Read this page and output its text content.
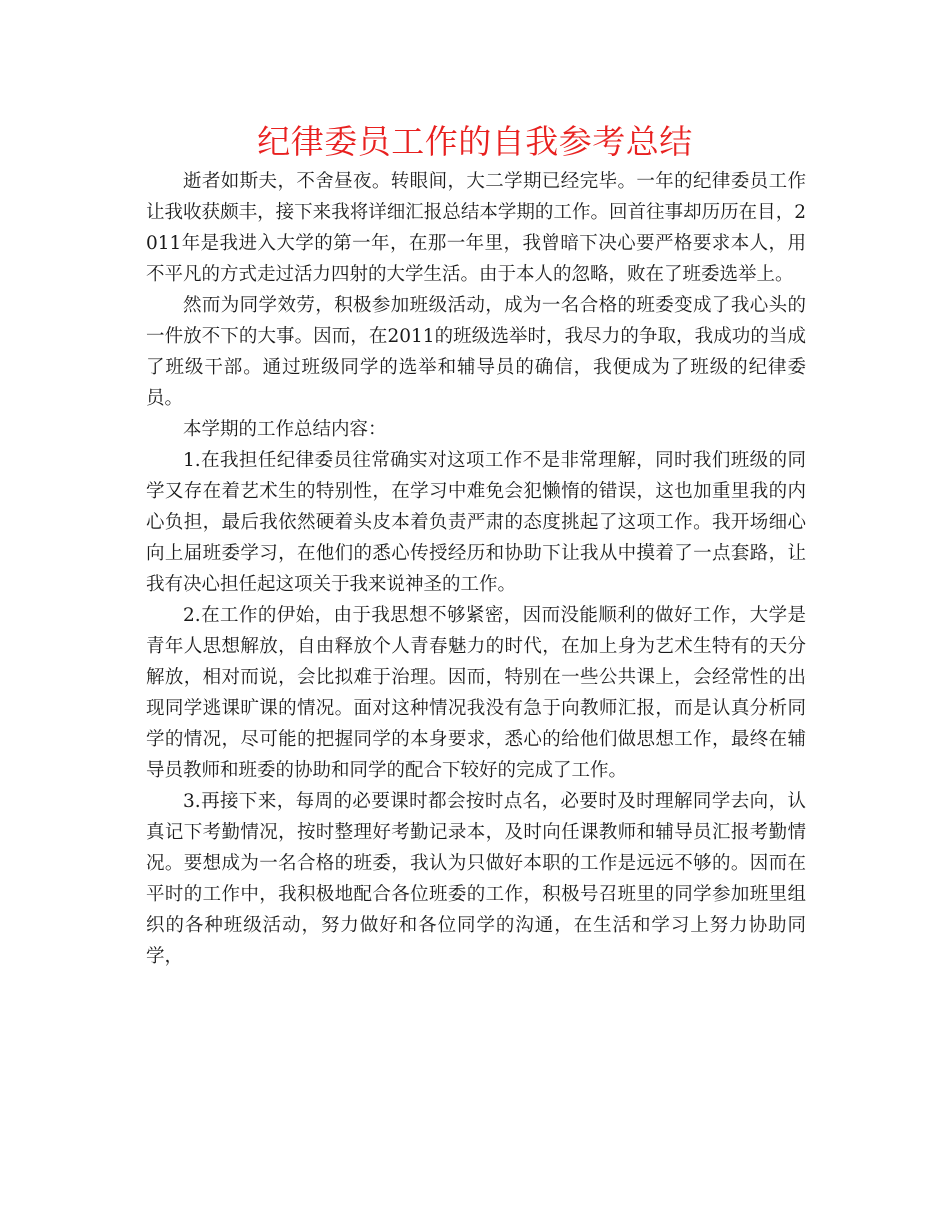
纪律委员工作的自我参考总结

逝者如斯夫，不舍昼夜。转眼间，大二学期已经完毕。一年的纪律委员工作让我收获颇丰，接下来我将详细汇报总结本学期的工作。回首往事却历历在目，2011年是我进入大学的第一年，在那一年里，我曾暗下决心要严格要求本人，用不平凡的方式走过活力四射的大学生活。由于本人的忽略，败在了班委选举上。

然而为同学效劳，积极参加班级活动，成为一名合格的班委变成了我心头的一件放不下的大事。因而，在2011的班级选举时，我尽力的争取，我成功的当成了班级干部。通过班级同学的选举和辅导员的确信，我便成为了班级的纪律委员。

本学期的工作总结内容：

1.在我担任纪律委员往常确实对这项工作不是非常理解，同时我们班级的同学又存在着艺术生的特别性，在学习中难免会犯懒惰的错误，这也加重里我的内心负担，最后我依然硬着头皮本着负责严肃的态度挑起了这项工作。我开场细心向上届班委学习，在他们的悉心传授经历和协助下让我从中摸着了一点套路，让我有决心担任起这项关于我来说神圣的工作。

2.在工作的伊始，由于我思想不够紧密，因而没能顺利的做好工作，大学是青年人思想解放，自由释放个人青春魅力的时代，在加上身为艺术生特有的天分解放，相对而说，会比拟难于治理。因而，特别在一些公共课上，会经常性的出现同学逃课旷课的情况。面对这种情况我没有急于向教师汇报，而是认真分析同学的情况，尽可能的把握同学的本身要求，悉心的给他们做思想工作，最终在辅导员教师和班委的协助和同学的配合下较好的完成了工作。

3.再接下来，每周的必要课时都会按时点名，必要时及时理解同学去向，认真记下考勤情况，按时整理好考勤记录本，及时向任课教师和辅导员汇报考勤情况。要想成为一名合格的班委，我认为只做好本职的工作是远远不够的。因而在平时的工作中，我积极地配合各位班委的工作，积极号召班里的同学参加班里组织的各种班级活动，努力做好和各位同学的沟通，在生活和学习上努力协助同学，
